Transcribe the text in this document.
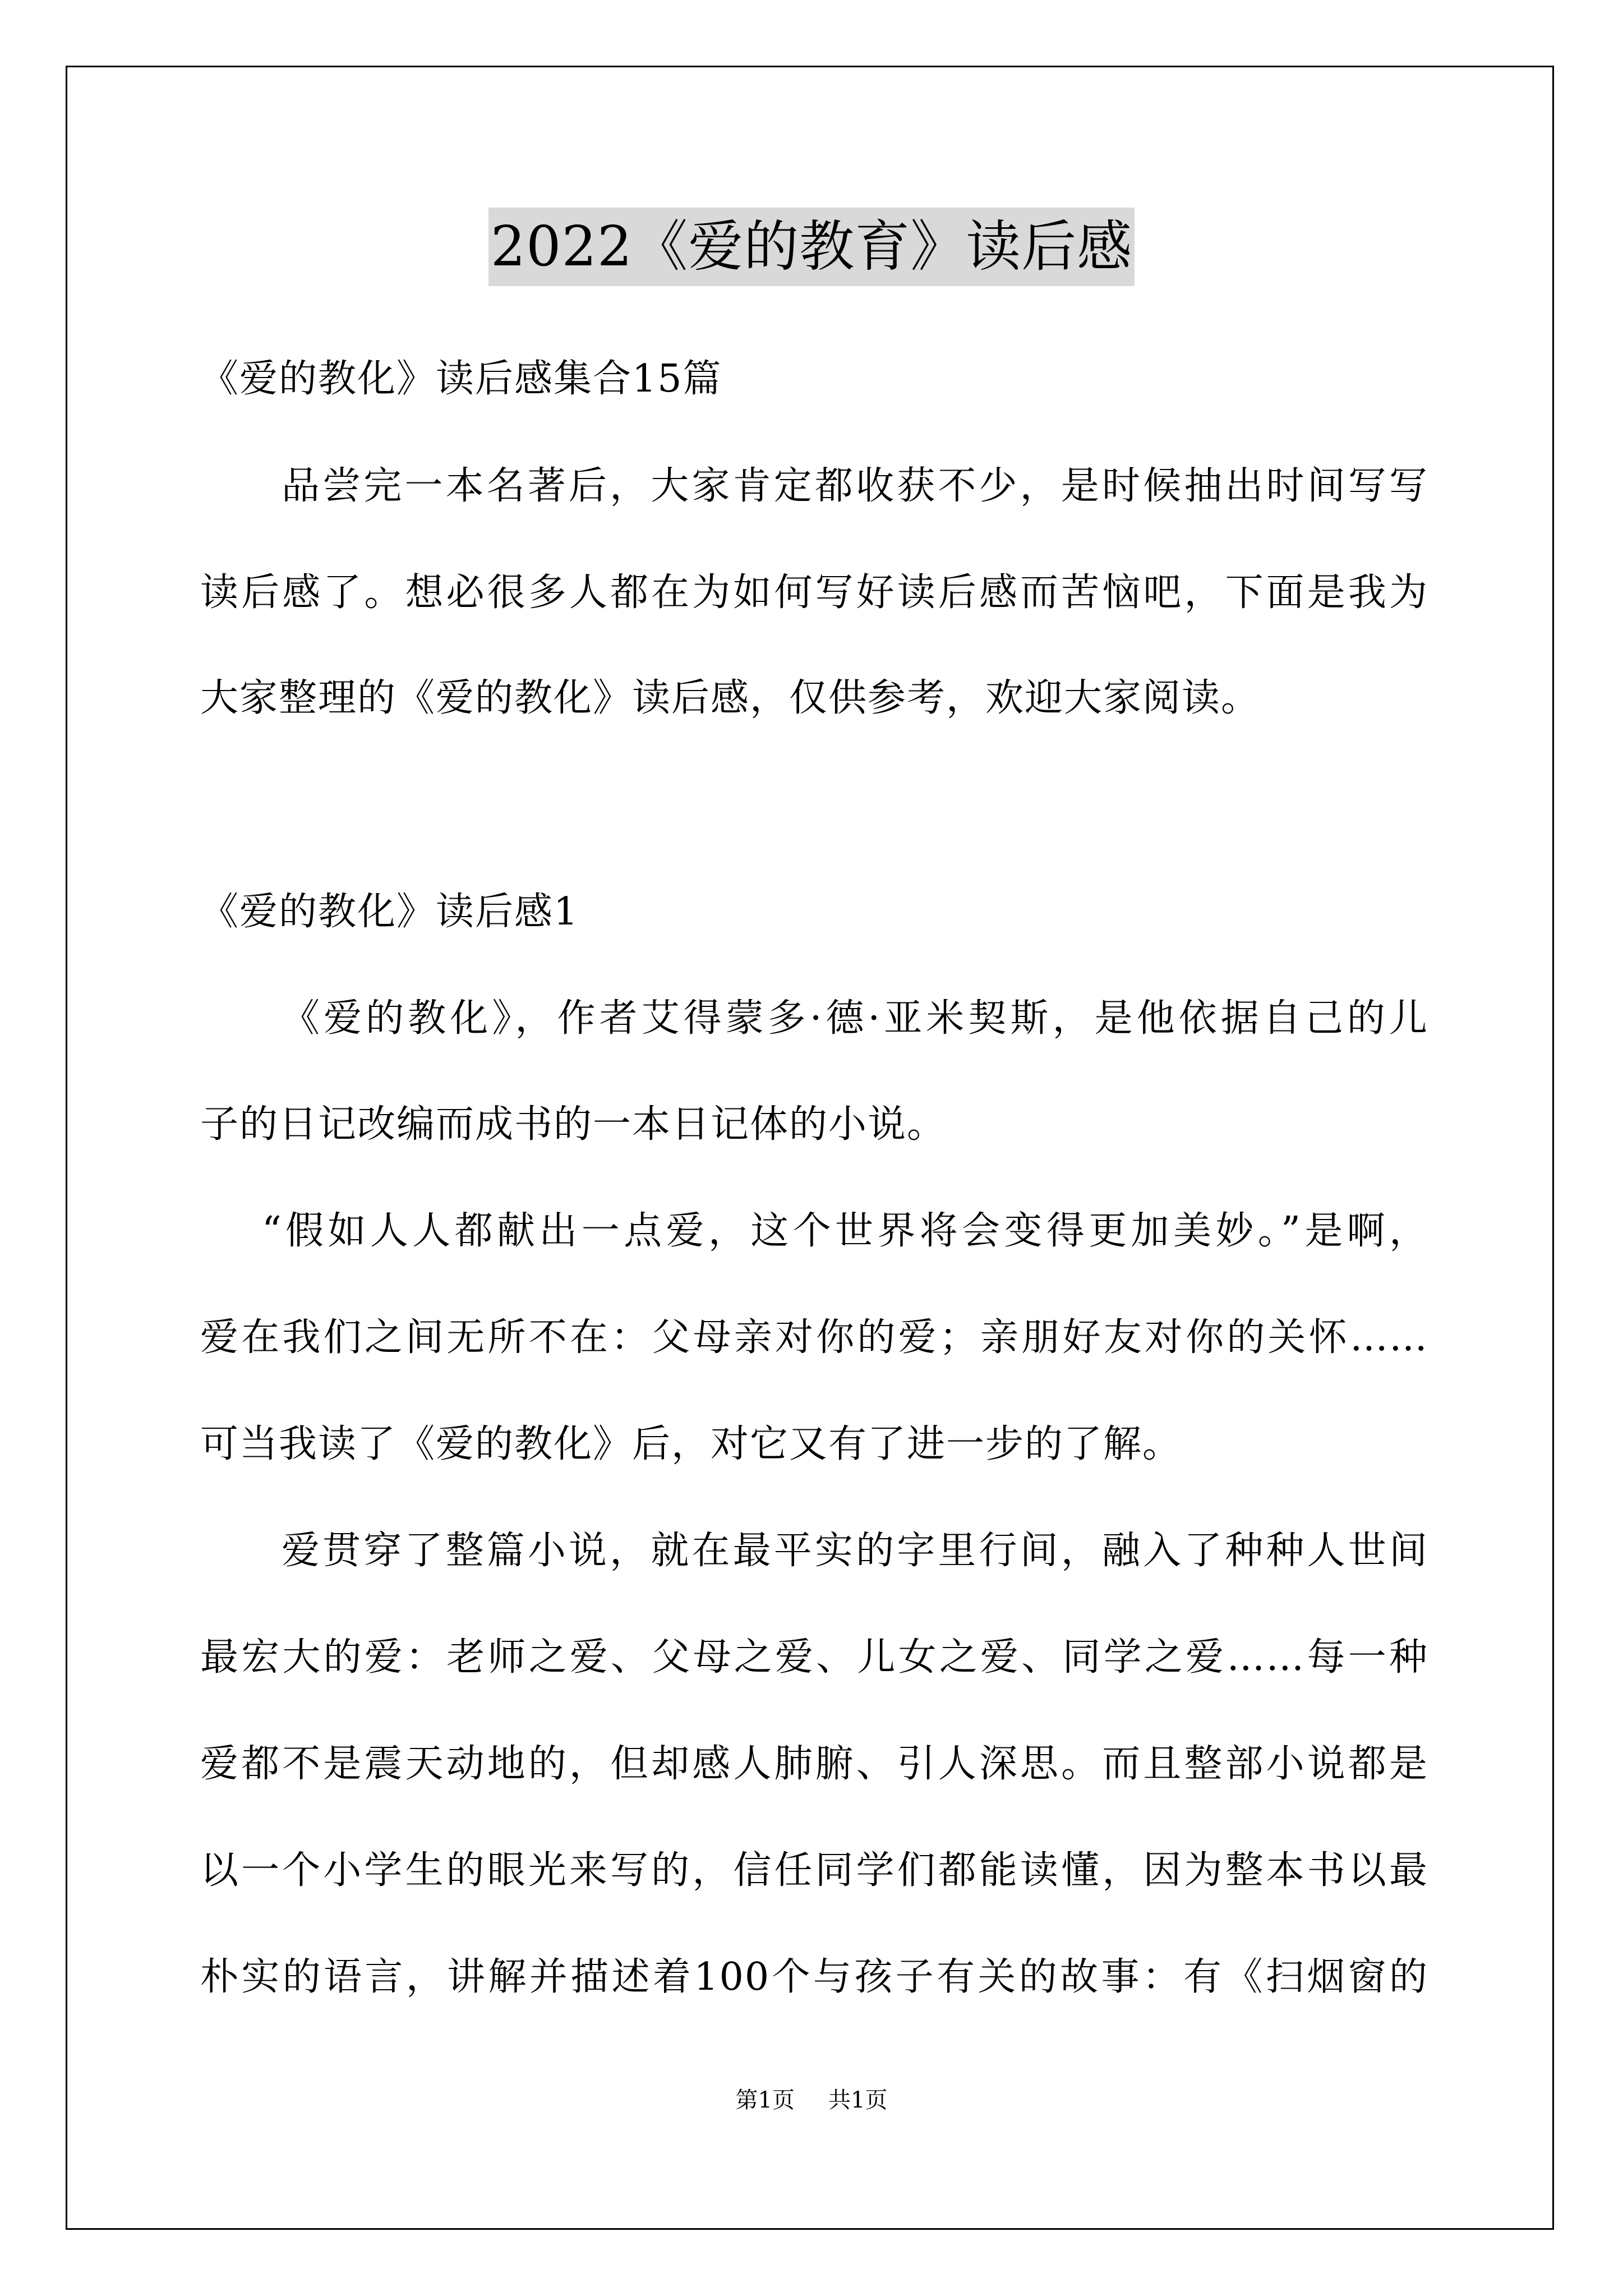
2022《爱的教育》读后感
《爱的教化》读后感集合15篇
品尝完一本名著后，大家肯定都收获不少，是时候抽出时间写写
读后感了。想必很多人都在为如何写好读后感而苦恼吧，下面是我为
大家整理的《爱的教化》读后感，仅供参考，欢迎大家阅读。
《爱的教化》读后感1
《爱的教化》，作者艾得蒙多·德·亚米契斯，是他依据自己的儿
子的日记改编而成书的一本日记体的小说。
“假如人人都献出一点爱，这个世界将会变得更加美妙。”是啊，
爱在我们之间无所不在：父母亲对你的爱；亲朋好友对你的关怀……
可当我读了《爱的教化》后，对它又有了进一步的了解。
爱贯穿了整篇小说，就在最平实的字里行间，融入了种种人世间
最宏大的爱：老师之爱、父母之爱、儿女之爱、同学之爱……每一种
爱都不是震天动地的，但却感人肺腑、引人深思。而且整部小说都是
以一个小学生的眼光来写的，信任同学们都能读懂，因为整本书以最
朴实的语言，讲解并描述着100个与孩子有关的故事：有《扫烟窗的
第1页 共1页
